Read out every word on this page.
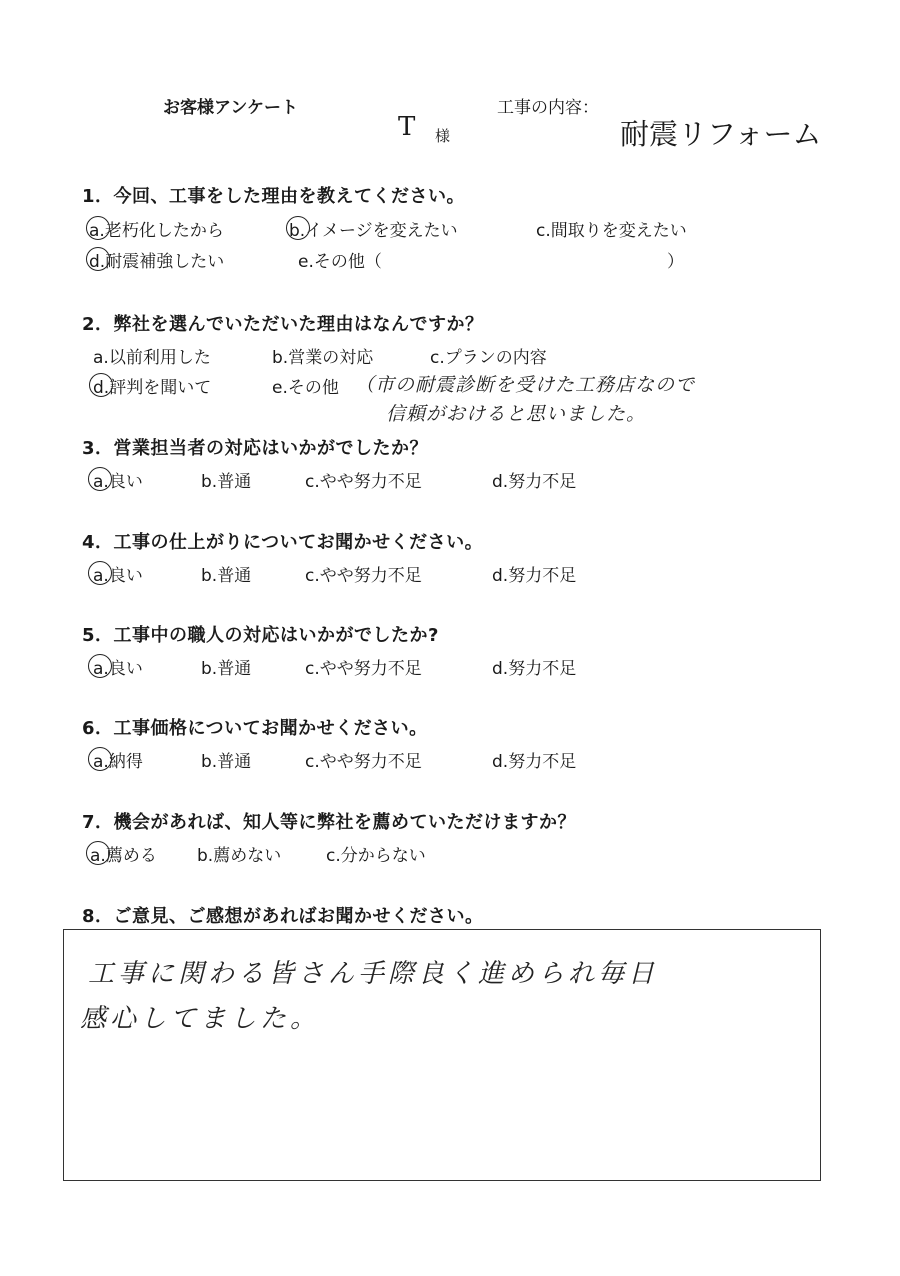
お客様アンケート	工事の内容：
T 様	耐震リフォーム
1．今回、工事をした理由を教えてください。
a.老朽化したから	b.イメージを変えたい	c.間取りを変えたい
d.耐震補強したい	e.その他（	）
2．弊社を選んでいただいた理由はなんですか？
a.以前利用した	b.営業の対応	c.プランの内容
d.評判を聞いて	e.その他 （市の耐震診断を受けた工務店なので
信頼がおけると思いました。
3．営業担当者の対応はいかがでしたか？
a.良い	b.普通	c.やや努力不足	d.努力不足
4．工事の仕上がりについてお聞かせください。
a.良い	b.普通	c.やや努力不足	d.努力不足
5．工事中の職人の対応はいかがでしたか?
a.良い	b.普通	c.やや努力不足	d.努力不足
6．工事価格についてお聞かせください。
a.納得	b.普通	c.やや努力不足	d.努力不足
7．機会があれば、知人等に弊社を薦めていただけますか？
a.薦める b.薦めない	c.分からない
8．ご意見、ご感想があればお聞かせください。
工事に関わる皆さん手際良く進められ毎日
感心してました。
